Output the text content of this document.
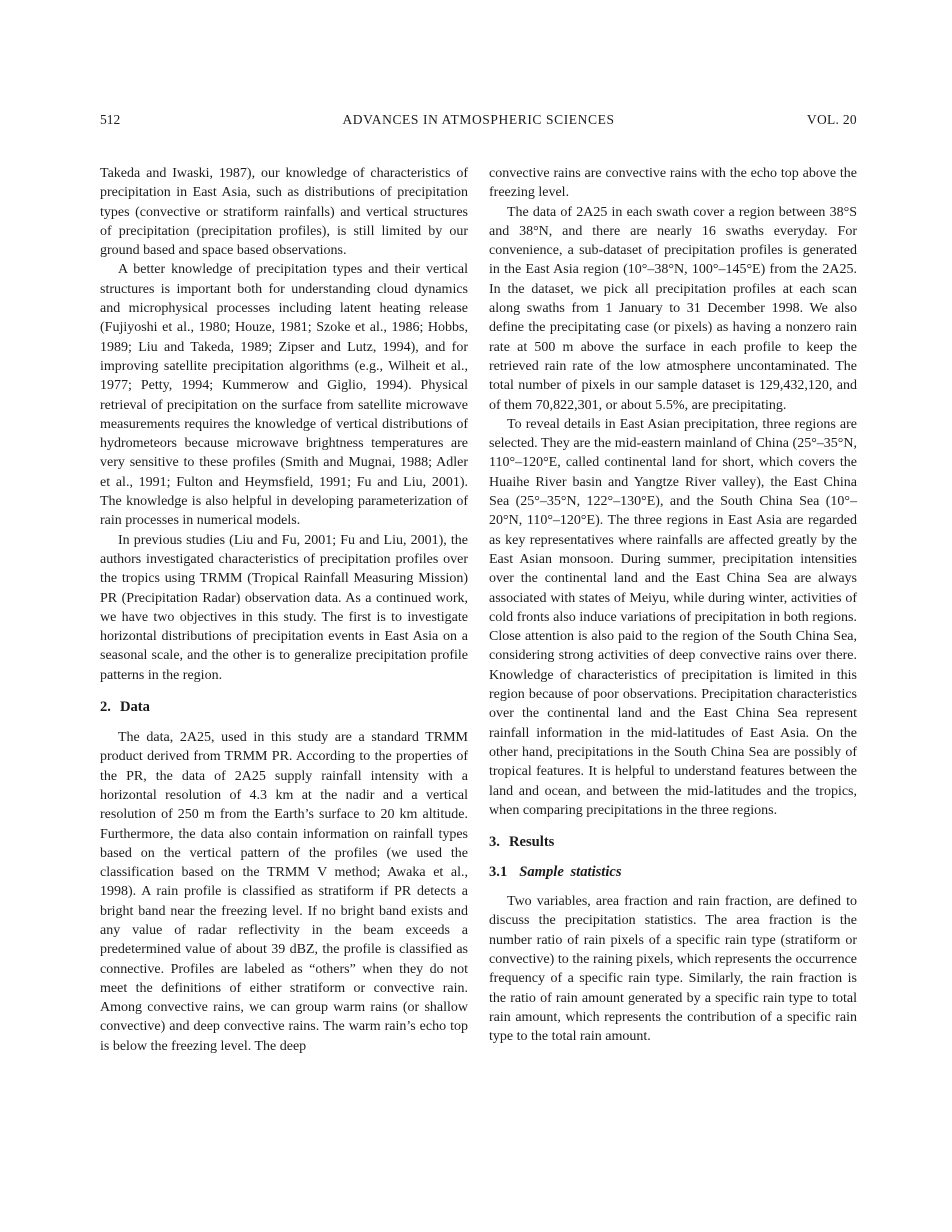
512	ADVANCES IN ATMOSPHERIC SCIENCES	VOL. 20

Takeda and Iwaski, 1987), our knowledge of characteristics of precipitation in East Asia, such as distributions of precipitation types (convective or stratiform rainfalls) and vertical structures of precipitation (precipitation profiles), is still limited by our ground based and space based observations.

A better knowledge of precipitation types and their vertical structures is important both for understanding cloud dynamics and microphysical processes including latent heating release (Fujiyoshi et al., 1980; Houze, 1981; Szoke et al., 1986; Hobbs, 1989; Liu and Takeda, 1989; Zipser and Lutz, 1994), and for improving satellite precipitation algorithms (e.g., Wilheit et al., 1977; Petty, 1994; Kummerow and Giglio, 1994). Physical retrieval of precipitation on the surface from satellite microwave measurements requires the knowledge of vertical distributions of hydrometeors because microwave brightness temperatures are very sensitive to these profiles (Smith and Mugnai, 1988; Adler et al., 1991; Fulton and Heymsfield, 1991; Fu and Liu, 2001). The knowledge is also helpful in developing parameterization of rain processes in numerical models.

In previous studies (Liu and Fu, 2001; Fu and Liu, 2001), the authors investigated characteristics of precipitation profiles over the tropics using TRMM (Tropical Rainfall Measuring Mission) PR (Precipitation Radar) observation data. As a continued work, we have two objectives in this study. The first is to investigate horizontal distributions of precipitation events in East Asia on a seasonal scale, and the other is to generalize precipitation profile patterns in the region.

2. Data

The data, 2A25, used in this study are a standard TRMM product derived from TRMM PR. According to the properties of the PR, the data of 2A25 supply rainfall intensity with a horizontal resolution of 4.3 km at the nadir and a vertical resolution of 250 m from the Earth’s surface to 20 km altitude. Furthermore, the data also contain information on rainfall types based on the vertical pattern of the profiles (we used the classification based on the TRMM V method; Awaka et al., 1998). A rain profile is classified as stratiform if PR detects a bright band near the freezing level. If no bright band exists and any value of radar reflectivity in the beam exceeds a predetermined value of about 39 dBZ, the profile is classified as connective. Profiles are labeled as “others” when they do not meet the definitions of either stratiform or convective rain. Among convective rains, we can group warm rains (or shallow convective) and deep convective rains. The warm rain’s echo top is below the freezing level. The deep

convective rains are convective rains with the echo top above the freezing level.

The data of 2A25 in each swath cover a region between 38°S and 38°N, and there are nearly 16 swaths everyday. For convenience, a sub-dataset of precipitation profiles is generated in the East Asia region (10°–38°N, 100°–145°E) from the 2A25. In the dataset, we pick all precipitation profiles at each scan along swaths from 1 January to 31 December 1998. We also define the precipitating case (or pixels) as having a nonzero rain rate at 500 m above the surface in each profile to keep the retrieved rain rate of the low atmosphere uncontaminated. The total number of pixels in our sample dataset is 129,432,120, and of them 70,822,301, or about 5.5%, are precipitating.

To reveal details in East Asian precipitation, three regions are selected. They are the mid-eastern mainland of China (25°–35°N, 110°–120°E, called continental land for short, which covers the Huaihe River basin and Yangtze River valley), the East China Sea (25°–35°N, 122°–130°E), and the South China Sea (10°–20°N, 110°–120°E). The three regions in East Asia are regarded as key representatives where rainfalls are affected greatly by the East Asian monsoon. During summer, precipitation intensities over the continental land and the East China Sea are always associated with states of Meiyu, while during winter, activities of cold fronts also induce variations of precipitation in both regions. Close attention is also paid to the region of the South China Sea, considering strong activities of deep convective rains over there. Knowledge of characteristics of precipitation is limited in this region because of poor observations. Precipitation characteristics over the continental land and the East China Sea represent rainfall information in the mid-latitudes of East Asia. On the other hand, precipitations in the South China Sea are possibly of tropical features. It is helpful to understand features between the land and ocean, and between the mid-latitudes and the tropics, when comparing precipitations in the three regions.

3. Results
3.1 Sample statistics

Two variables, area fraction and rain fraction, are defined to discuss the precipitation statistics. The area fraction is the number ratio of rain pixels of a specific rain type (stratiform or convective) to the raining pixels, which represents the occurrence frequency of a specific rain type. Similarly, the rain fraction is the ratio of rain amount generated by a specific rain type to total rain amount, which represents the contribution of a specific rain type to the total rain amount.
